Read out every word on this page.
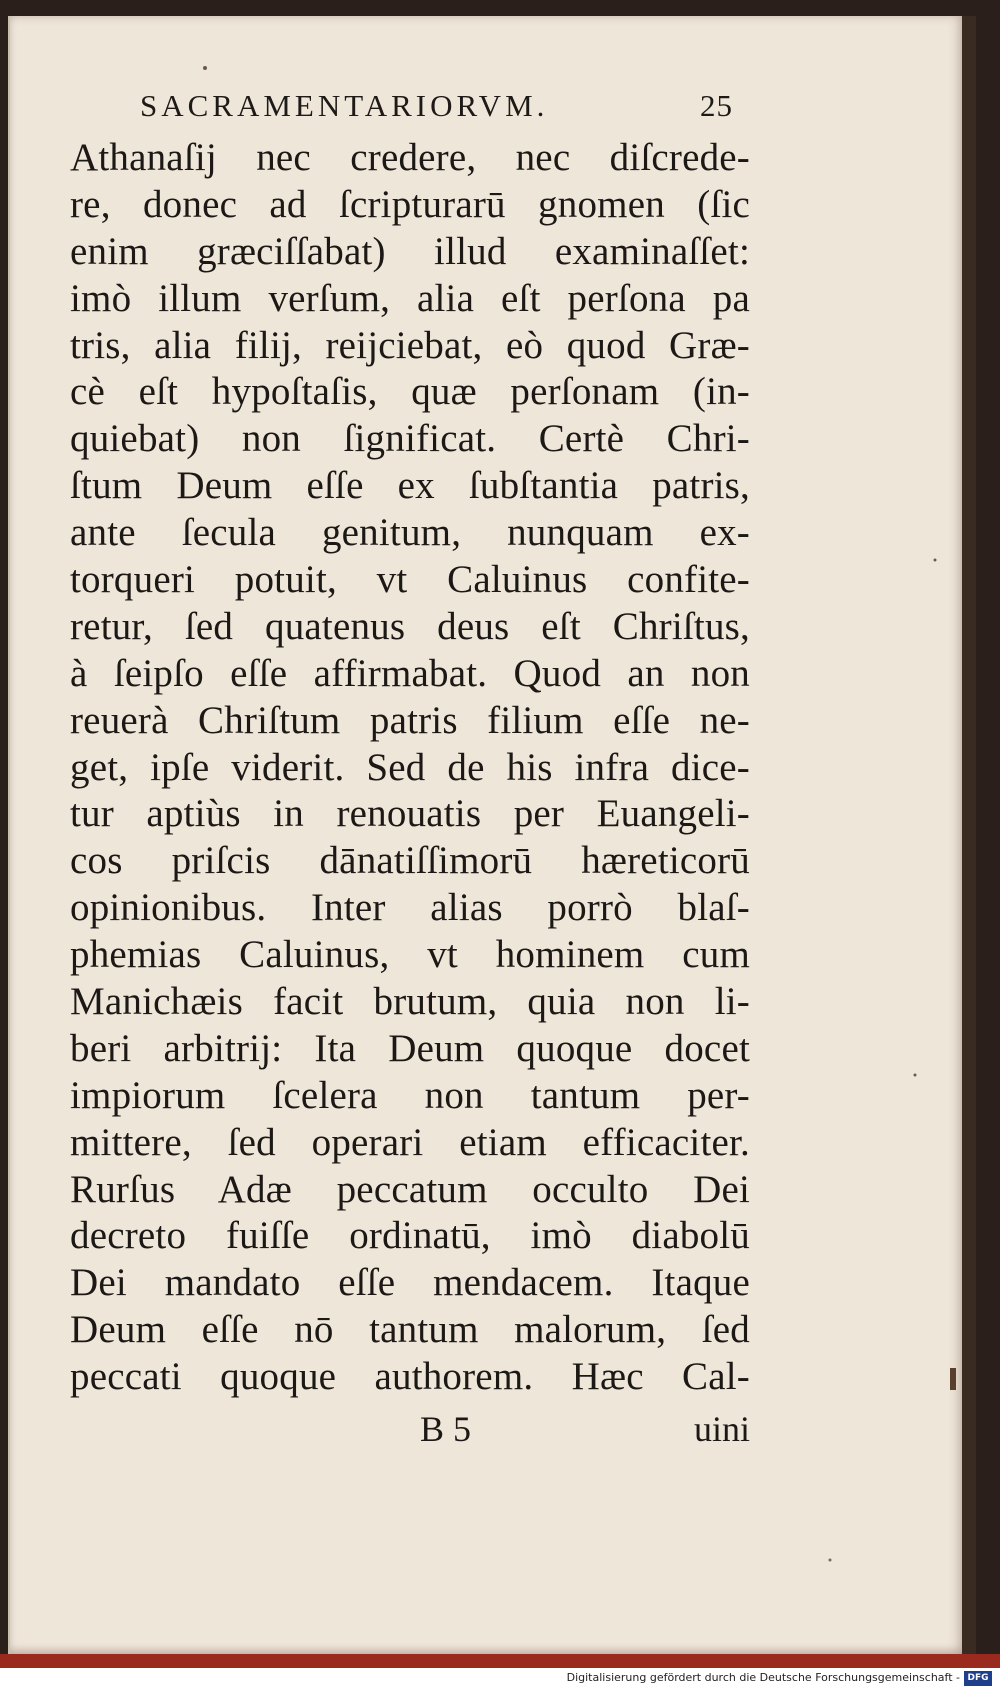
SACRAMENTARIORVM.	25
Athanaſij nec credere, nec diſcrede-
re, donec ad ſcripturarū gnomen (ſic
enim græciſſabat) illud examinaſſet:
imò illum verſum, alia eſt perſona pa
tris, alia filij, reijciebat, eò quod Græ-
cè eſt hypoſtaſis, quæ perſonam (in-
quiebat) non ſignificat. Certè Chri-
ſtum Deum eſſe ex ſubſtantia patris,
ante ſecula genitum, nunquam ex-
torqueri potuit, vt Caluinus confite-
retur, ſed quatenus deus eſt Chriſtus,
à ſeipſo eſſe affirmabat. Quod an non
reuerà Chriſtum patris filium eſſe ne-
get, ipſe viderit. Sed de his infra dice-
tur aptiùs in renouatis per Euangeli-
cos priſcis dānatiſſimorū hæreticorū
opinionibus. Inter alias porrò blaſ-
phemias Caluinus, vt hominem cum
Manichæis facit brutum, quia non li-
beri arbitrij: Ita Deum quoque docet
impiorum ſcelera non tantum per-
mittere, ſed operari etiam efficaciter.
Rurſus Adæ peccatum occulto Dei
decreto fuiſſe ordinatū, imò diabolū
Dei mandato eſſe mendacem. Itaque
Deum eſſe nō tantum malorum, ſed
peccati quoque authorem. Hæc Cal-
B 5	uini
Digitalisierung gefördert durch die Deutsche Forschungsgemeinschaft - DFG
